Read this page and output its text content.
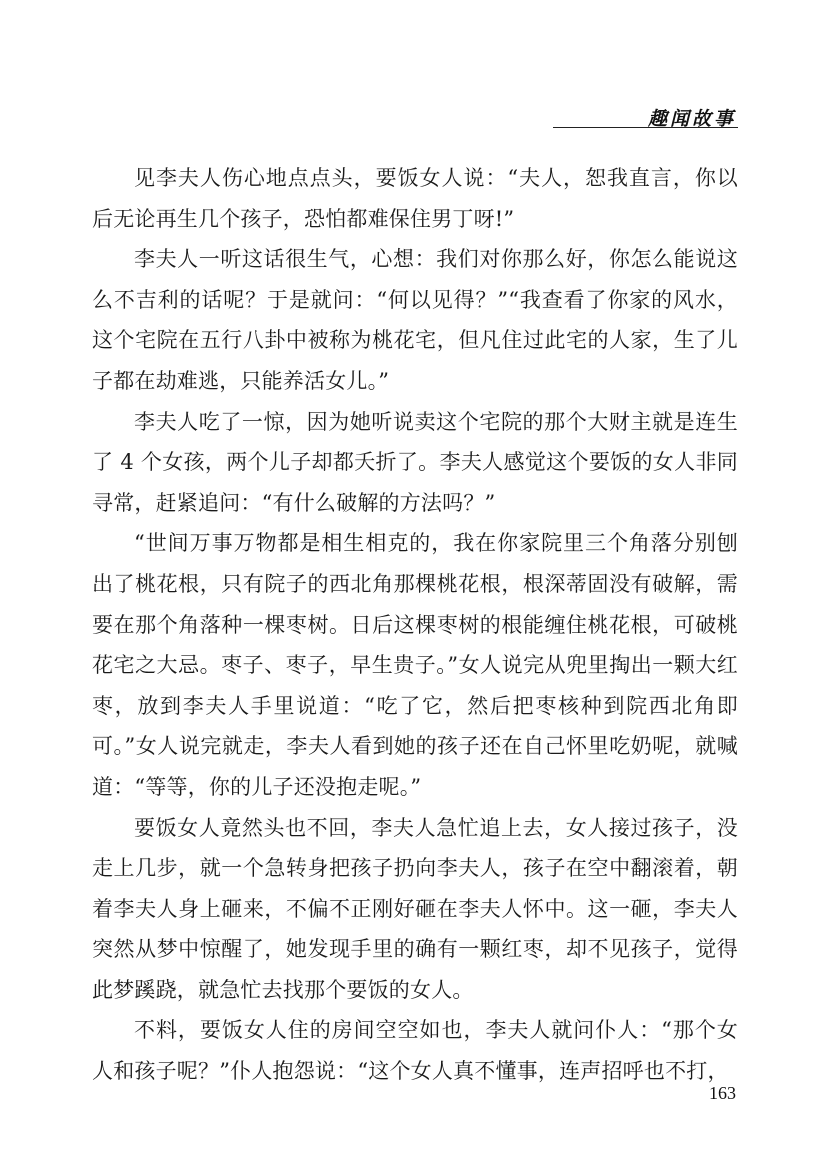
趣闻故事

见李夫人伤心地点点头，要饭女人说：“夫人，恕我直言，你以后无论再生几个孩子，恐怕都难保住男丁呀!”

李夫人一听这话很生气，心想：我们对你那么好，你怎么能说这么不吉利的话呢？于是就问：“何以见得？”“我查看了你家的风水，这个宅院在五行八卦中被称为桃花宅，但凡住过此宅的人家，生了儿子都在劫难逃，只能养活女儿。”

李夫人吃了一惊，因为她听说卖这个宅院的那个大财主就是连生了 4 个女孩，两个儿子却都夭折了。李夫人感觉这个要饭的女人非同寻常，赶紧追问：“有什么破解的方法吗？”

“世间万事万物都是相生相克的，我在你家院里三个角落分别刨出了桃花根，只有院子的西北角那棵桃花根，根深蒂固没有破解，需要在那个角落种一棵枣树。日后这棵枣树的根能缠住桃花根，可破桃花宅之大忌。枣子、枣子，早生贵子。”女人说完从兜里掏出一颗大红枣，放到李夫人手里说道：“吃了它，然后把枣核种到院西北角即可。”女人说完就走，李夫人看到她的孩子还在自己怀里吃奶呢，就喊道：“等等，你的儿子还没抱走呢。”

要饭女人竟然头也不回，李夫人急忙追上去，女人接过孩子，没走上几步，就一个急转身把孩子扔向李夫人，孩子在空中翻滚着，朝着李夫人身上砸来，不偏不正刚好砸在李夫人怀中。这一砸，李夫人突然从梦中惊醒了，她发现手里的确有一颗红枣，却不见孩子，觉得此梦蹊跷，就急忙去找那个要饭的女人。

不料，要饭女人住的房间空空如也，李夫人就问仆人：“那个女人和孩子呢？”仆人抱怨说：“这个女人真不懂事，连声招呼也不打，

163
